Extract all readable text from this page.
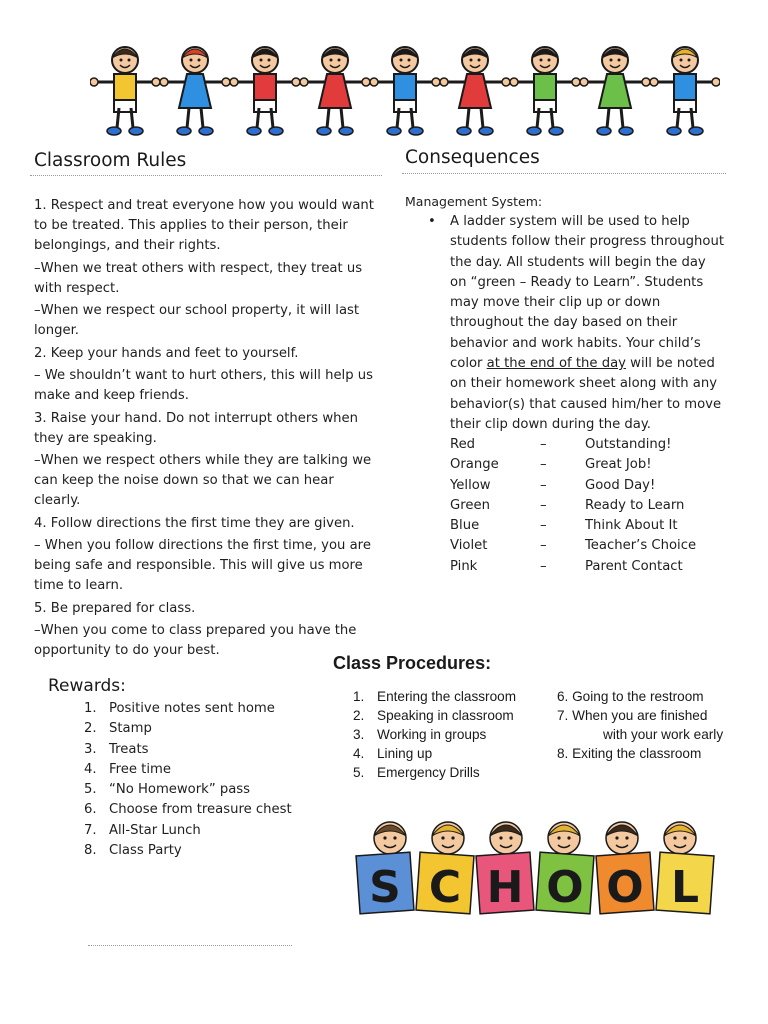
Classroom Rules

1. Respect and treat everyone how you would want to be treated. This applies to their person, their belongings, and their rights.

–When we treat others with respect, they treat us with respect.

–When we respect our school property, it will last longer.

2. Keep your hands and feet to yourself.

– We shouldn’t want to hurt others, this will help us make and keep friends.

3. Raise your hand. Do not interrupt others when they are speaking.

–When we respect others while they are talking we can keep the noise down so that we can hear clearly.

4. Follow directions the first time they are given.

– When you follow directions the first time, you are being safe and responsible. This will give us more time to learn.

5. Be prepared for class.

–When you come to class prepared you have the opportunity to do your best.

Consequences
Management System:
• A ladder system will be used to help students follow their progress throughout the day. All students will begin the day on “green – Ready to Learn”. Students may move their clip up or down throughout the day based on their behavior and work habits. Your child’s color at the end of the day will be noted on their homework sheet along with any behavior(s) that caused him/her to move their clip down during the day.
Red	–	Outstanding!
Orange	–	Great Job!
Yellow	–	Good Day!
Green	–	Ready to Learn
Blue	–	Think About It
Violet	–	Teacher’s Choice
Pink	–	Parent Contact
Class Procedures:
1. Entering the classroom
2. Speaking in classroom
3. Working in groups
4. Lining up
5. Emergency Drills
6. Going to the restroom
7. When you are finished
with your work early
8. Exiting the classroom
Rewards:
1. Positive notes sent home
2. Stamp
3. Treats
4. Free time
5. “No Homework” pass
6. Choose from treasure chest
7. All-Star Lunch
8. Class Party
S C H O O L
